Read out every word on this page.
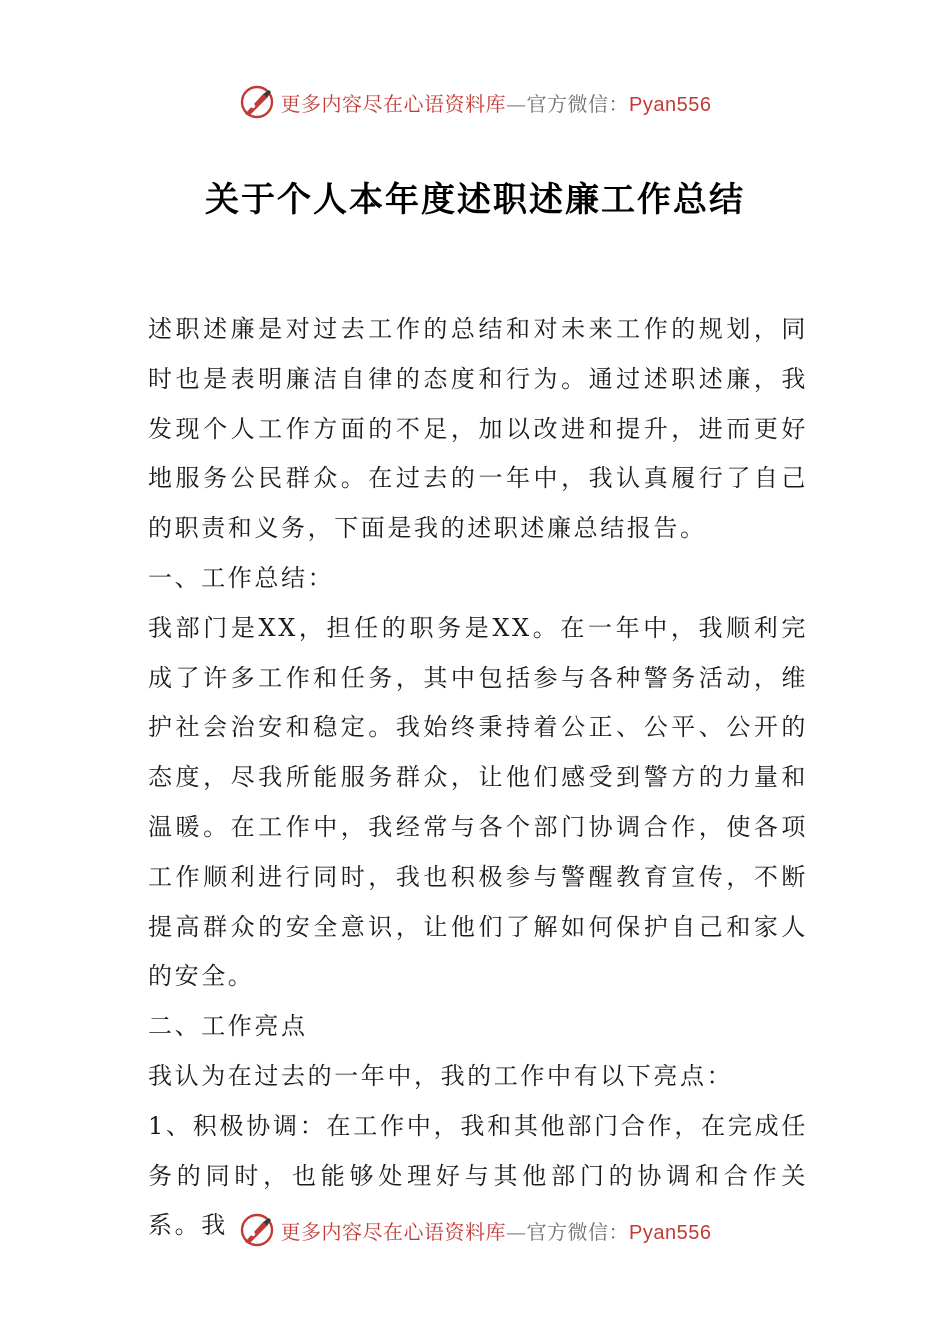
更多内容尽在心语资料库—官方微信：Pyan556
关于个人本年度述职述廉工作总结

述职述廉是对过去工作的总结和对未来工作的规划，同时也是表明廉洁自律的态度和行为。通过述职述廉，我发现个人工作方面的不足，加以改进和提升，进而更好地服务公民群众。在过去的一年中，我认真履行了自己的职责和义务，下面是我的述职述廉总结报告。

一、工作总结：

我部门是XX，担任的职务是XX。在一年中，我顺利完成了许多工作和任务，其中包括参与各种警务活动，维护社会治安和稳定。我始终秉持着公正、公平、公开的态度，尽我所能服务群众，让他们感受到警方的力量和温暖。在工作中，我经常与各个部门协调合作，使各项工作顺利进行同时，我也积极参与警醒教育宣传，不断提高群众的安全意识，让他们了解如何保护自己和家人的安全。

二、工作亮点

我认为在过去的一年中，我的工作中有以下亮点：

1、积极协调：在工作中，我和其他部门合作，在完成任务的同时，也能够处理好与其他部门的协调和合作关系。我	更多内容尽在心语资料库—官方微信：Pyan556
